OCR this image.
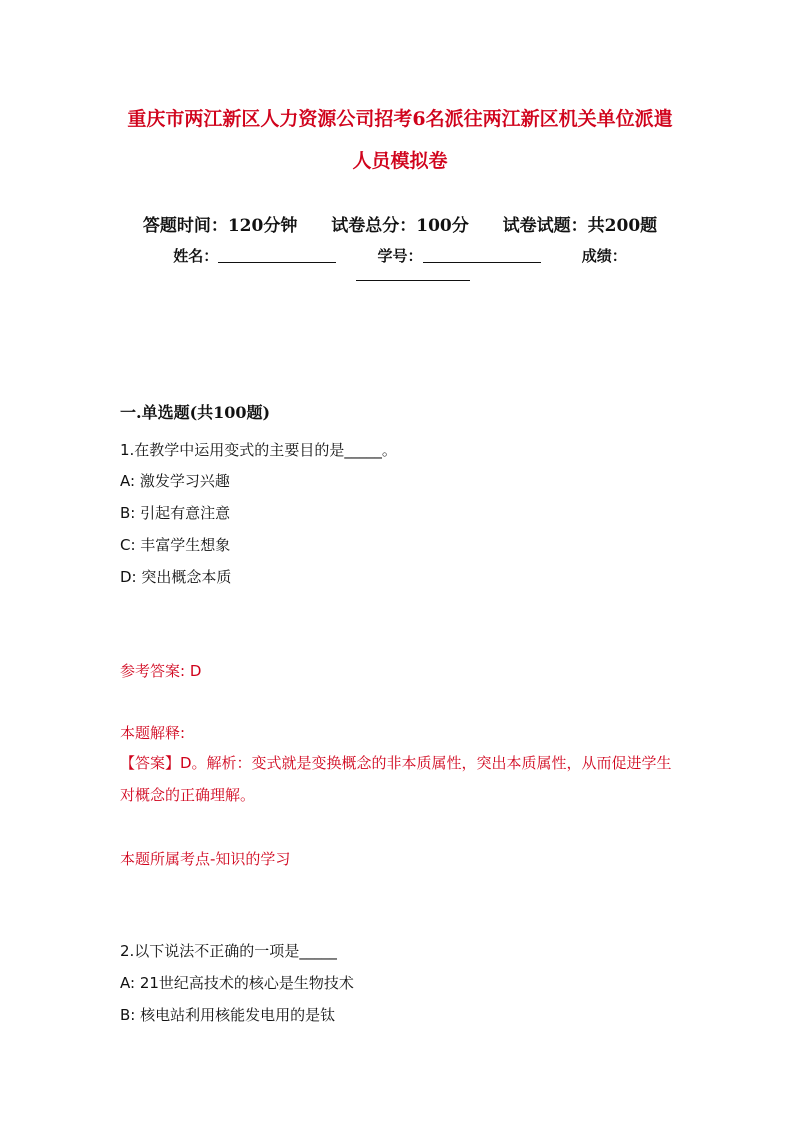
重庆市两江新区人力资源公司招考6名派往两江新区机关单位派遣
人员模拟卷
答题时间：120分钟 试卷总分：100分 试卷试题：共200题
姓名：	学号：	成绩：
一.单选题(共100题)
1.在教学中运用变式的主要目的是_____。
A: 激发学习兴趣
B: 引起有意注意
C: 丰富学生想象
D: 突出概念本质
参考答案: D
本题解释:
【答案】D。解析：变式就是变换概念的非本质属性，突出本质属性，从而促进学生对概念的正确理解。
本题所属考点-知识的学习
2.以下说法不正确的一项是_____
A: 21世纪高技术的核心是生物技术
B: 核电站利用核能发电用的是钛
